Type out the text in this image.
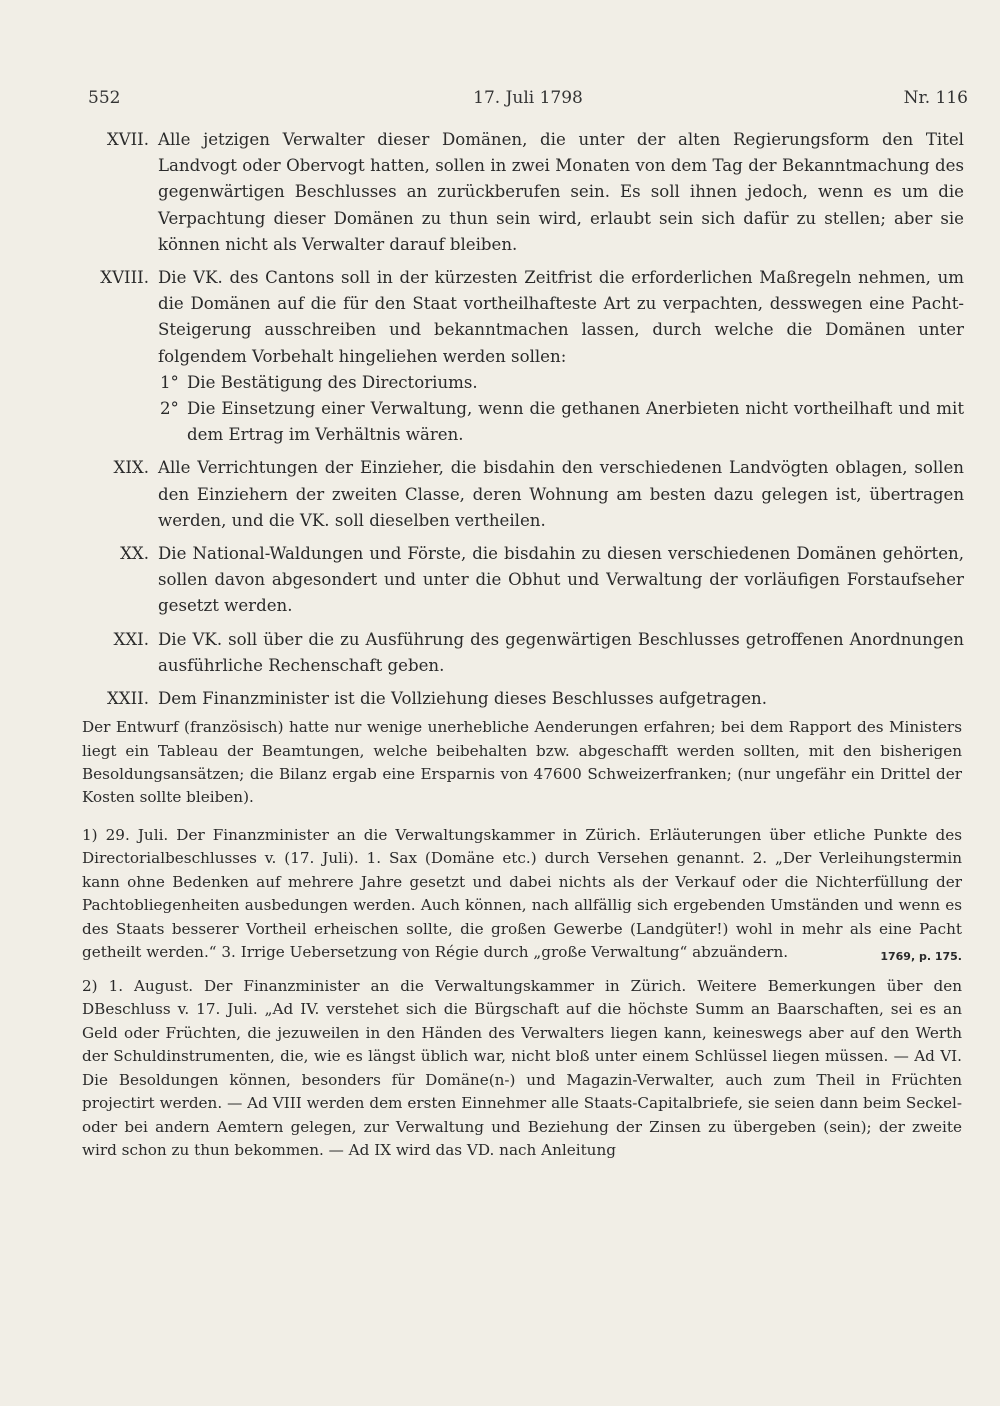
552	17. Juli 1798	Nr. 116
XVII. Alle jetzigen Verwalter dieser Domänen, die unter der alten Regierungsform den Titel Landvogt oder Obervogt hatten, sollen in zwei Monaten von dem Tag der Bekanntmachung des gegenwärtigen Beschlusses an zurückberufen sein. Es soll ihnen jedoch, wenn es um die Verpachtung dieser Domänen zu thun sein wird, erlaubt sein sich dafür zu stellen; aber sie können nicht als Verwalter darauf bleiben.
XVIII. Die VK. des Cantons soll in der kürzesten Zeitfrist die erforderlichen Maßregeln nehmen, um die Domänen auf die für den Staat vortheilhafteste Art zu verpachten, desswegen eine Pacht-Steigerung ausschreiben und bekanntmachen lassen, durch welche die Domänen unter folgendem Vorbehalt hingeliehen werden sollen:
1° Die Bestätigung des Directoriums.
2° Die Einsetzung einer Verwaltung, wenn die gethanen Anerbieten nicht vortheilhaft und mit dem Ertrag im Verhältnis wären.
XIX. Alle Verrichtungen der Einzieher, die bisdahin den verschiedenen Landvögten oblagen, sollen den Einziehern der zweiten Classe, deren Wohnung am besten dazu gelegen ist, übertragen werden, und die VK. soll dieselben vertheilen.
XX. Die National-Waldungen und Förste, die bisdahin zu diesen verschiedenen Domänen gehörten, sollen davon abgesondert und unter die Obhut und Verwaltung der vorläufigen Forstaufseher gesetzt werden.
XXI. Die VK. soll über die zu Ausführung des gegenwärtigen Beschlusses getroffenen Anordnungen ausführliche Rechenschaft geben.
XXII. Dem Finanzminister ist die Vollziehung dieses Beschlusses aufgetragen.
Der Entwurf (französisch) hatte nur wenige unerhebliche Aenderungen erfahren; bei dem Rapport des Ministers liegt ein Tableau der Beamtungen, welche beibehalten bzw. abgeschafft werden sollten, mit den bisherigen Besoldungsansätzen; die Bilanz ergab eine Ersparnis von 47600 Schweizerfranken; (nur ungefähr ein Drittel der Kosten sollte bleiben).
1) 29. Juli. Der Finanzminister an die Verwaltungskammer in Zürich. Erläuterungen über etliche Punkte des Directorialbeschlusses v. (17. Juli). 1. Sax (Domäne etc.) durch Versehen genannt. 2. „Der Verleihungstermin kann ohne Bedenken auf mehrere Jahre gesetzt und dabei nichts als der Verkauf oder die Nichterfüllung der Pachtobliegenheiten ausbedungen werden. Auch können, nach allfällig sich ergebenden Umständen und wenn es des Staats besserer Vortheil erheischen sollte, die großen Gewerbe (Landgüter!) wohl in mehr als eine Pacht getheilt werden.“ 3. Irrige Uebersetzung von Régie durch „große Verwaltung“ abzuändern.	1769, p. 175.
2) 1. August. Der Finanzminister an die Verwaltungskammer in Zürich. Weitere Bemerkungen über den DBeschluss v. 17. Juli. „Ad IV. verstehet sich die Bürgschaft auf die höchste Summ an Baarschaften, sei es an Geld oder Früchten, die jezuweilen in den Händen des Verwalters liegen kann, keineswegs aber auf den Werth der Schuldinstrumenten, die, wie es längst üblich war, nicht bloß unter einem Schlüssel liegen müssen. — Ad VI. Die Besoldungen können, besonders für Domäne(n-) und Magazin-Verwalter, auch zum Theil in Früchten projectirt werden. — Ad VIII werden dem ersten Einnehmer alle Staats-Capitalbriefe, sie seien dann beim Seckel- oder bei andern Aemtern gelegen, zur Verwaltung und Beziehung der Zinsen zu übergeben (sein); der zweite wird schon zu thun bekommen. — Ad IX wird das VD. nach Anleitung
